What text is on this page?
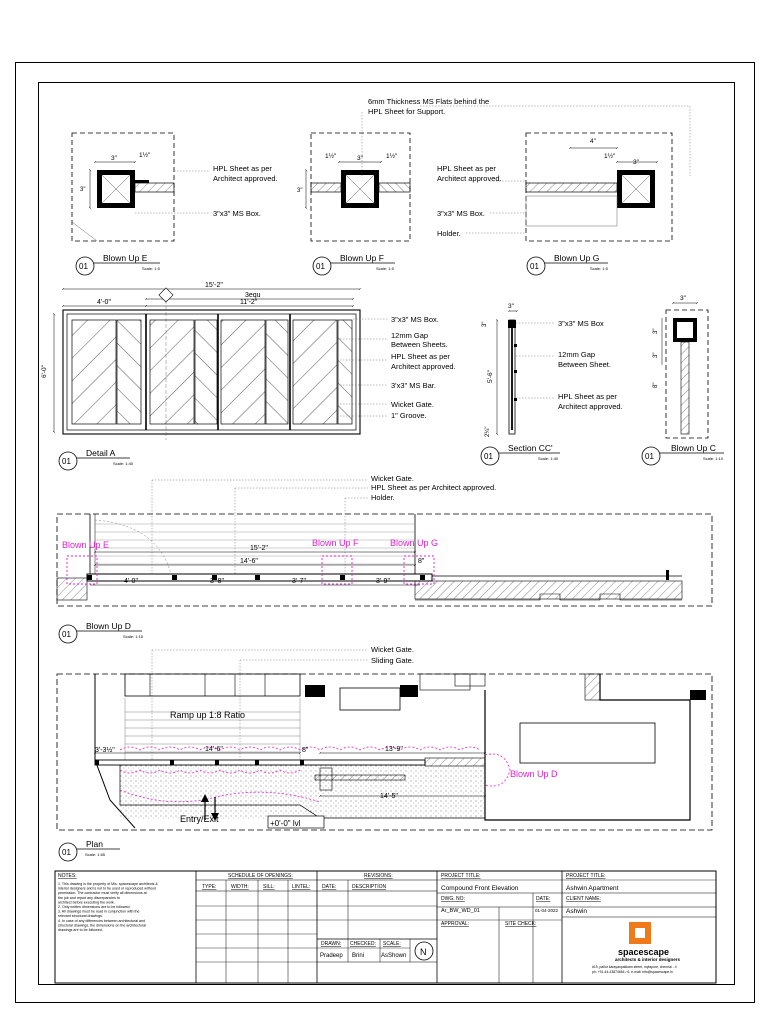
3"	1½"
3"
1½"	3"	1½"
3"
4"
1½"
3"
6mm Thickness MS Flats behind the
HPL Sheet for Support.
HPL Sheet as per
Architect approved.
3"x3" MS Box.
HPL Sheet as per
Architect approved.
3"x3" MS Box.
Holder.
01
Blown Up E
Scale: 1:5	01
Blown Up F
Scale: 1:5	01
Blown Up G
Scale: 1:5
15'-2"
3equ
11'-2"
4'-0"
6'-0"
3"x3" MS Box.
12mm Gap
Between Sheets.
HPL Sheet as per
Architect approved.
3'x3" MS Bar.
Wicket Gate.
1" Groove.
01
Detail A
Scale: 1:40
3"
5'-6"
3"
2¼"
3"x3" MS Box
12mm Gap
Between Sheet.
HPL Sheet as per
Architect approved.
01
Section CC'
Scale: 1:40
3"
3"
3"
8"
01
Blown Up C
Scale: 1:10
Wicket Gate.
HPL Sheet as per Architect approved.
Holder.
Blown Up E	Blown Up F	Blown Up G
15'-2"
14'-6"
4'-0"	3'-8"	3'-7"	3'-9"
8"
01
Blown Up D
Scale: 1:15
Wicket Gate.
Sliding Gate.
Ramp up 1:8 Ratio
3'-3½"	14'-6"	8"	13'-9"
14'-5"
Blown Up D
Entry/Exit	+0'-0" lvl
01
Plan
Scale: 1:65
NOTES:
1. This drawing is the property of M/s. spacescape architects &
interior designers and is not to be used or reproduced without
permission. The contractor must verify all dimensions at
the job and report any discrepancies to
architect before executing the work.
2. Only written dimensions are to be followed.
3. All drawings must be read in conjunction with the
relevant structural drawings.
4. In case of any differences between architectural and
structural drawings, the dimensions on the architectural
drawings are to be followed.
SCHEDULE OF OPENINGS:
TYPE:	WIDTH:	SILL:	LINTEL:
REVISIONS:
DATE:	DESCRIPTION
PROJECT TITLE:
Compound Front Elevation
DWG. NO:
Ar_BW_WD_01
DATE:
01-04-2022
APPROVAL:	SITE CHECK:
PROJECT TITLE:
Ashwin Apartment
CLIENT NAME:
Ashwin
DRAWN:
Pradeep
CHECKED:
Brini
SCALE:
AsShown N	spacescape
architects & interior designers
#19, pallur karayanpakkam street, mylapore, chennai - 4
ph: +91-44-43874664 / 6, e-mail: info@spacescape.in
